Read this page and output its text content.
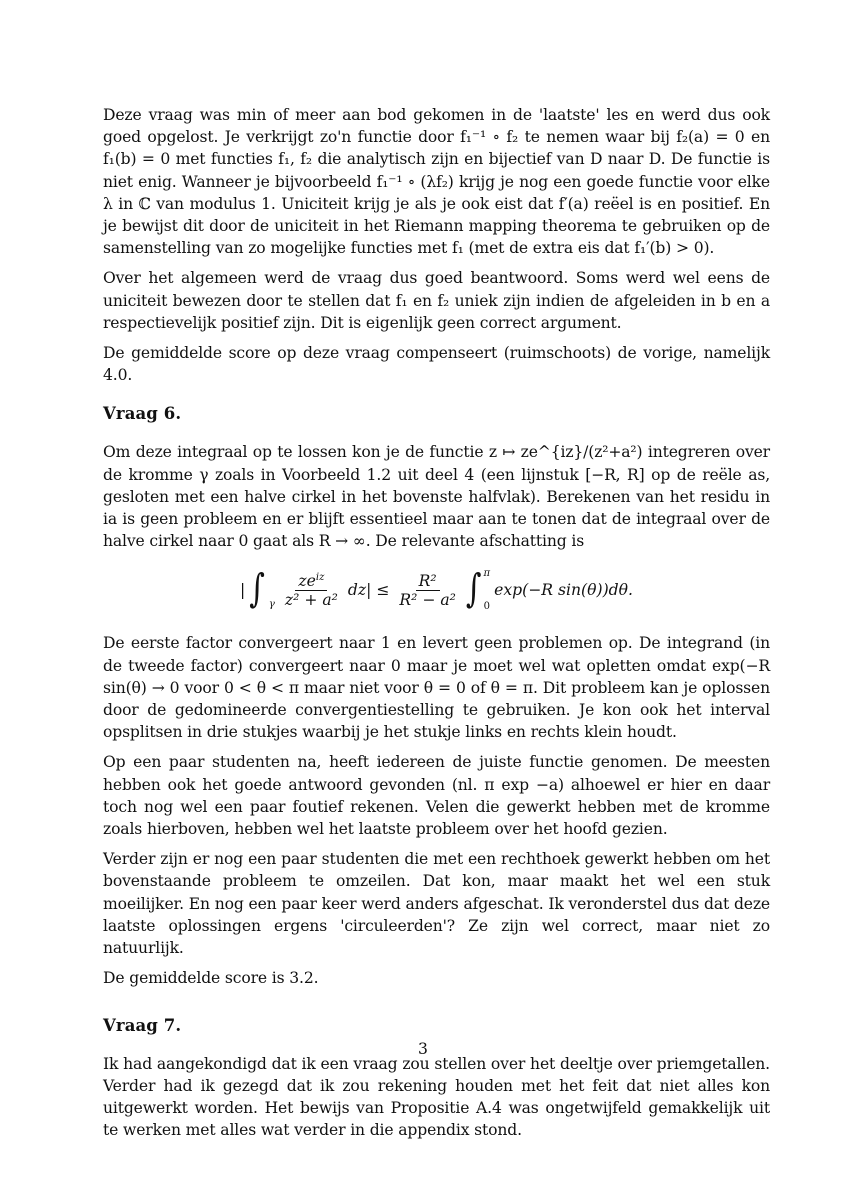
Deze vraag was min of meer aan bod gekomen in de 'laatste' les en werd dus ook goed opgelost. Je verkrijgt zo'n functie door f₁⁻¹ ∘ f₂ te nemen waar bij f₂(a) = 0 en f₁(b) = 0 met functies f₁, f₂ die analytisch zijn en bijectief van D naar D. De functie is niet enig. Wanneer je bijvoorbeeld f₁⁻¹ ∘ (λf₂) krijg je nog een goede functie voor elke λ in ℂ van modulus 1. Uniciteit krijg je als je ook eist dat f′(a) reëel is en positief. En je bewijst dit door de uniciteit in het Riemann mapping theorema te gebruiken op de samenstelling van zo mogelijke functies met f₁ (met de extra eis dat f₁′(b) > 0).

Over het algemeen werd de vraag dus goed beantwoord. Soms werd wel eens de uniciteit bewezen door te stellen dat f₁ en f₂ uniek zijn indien de afgeleiden in b en a respectievelijk positief zijn. Dit is eigenlijk geen correct argument.

De gemiddelde score op deze vraag compenseert (ruimschoots) de vorige, namelijk 4.0.

Vraag 6.

Om deze integraal op te lossen kon je de functie z ↦ ze^{iz}/(z²+a²) integreren over de kromme γ zoals in Voorbeeld 1.2 uit deel 4 (een lijnstuk [−R, R] op de reële as, gesloten met een halve cirkel in het bovenste halfvlak). Berekenen van het residu in ia is geen probleem en er blijft essentieel maar aan te tonen dat de integraal over de halve cirkel naar 0 gaat als R → ∞. De relevante afschatting is

| ∫ γ $\frac{ze^{iz}}{\text{z² + a²}} dz| \le \frac{\text{R²}}{\text{R² − a²}}$ ∫ π
0
exp(−R sin(θ))dθ.

De eerste factor convergeert naar 1 en levert geen problemen op. De integrand (in de tweede factor) convergeert naar 0 maar je moet wel wat opletten omdat exp(−R sin(θ) → 0 voor 0 < θ < π maar niet voor θ = 0 of θ = π. Dit probleem kan je oplossen door de gedomineerde convergentiestelling te gebruiken. Je kon ook het interval opsplitsen in drie stukjes waarbij je het stukje links en rechts klein houdt.

Op een paar studenten na, heeft iedereen de juiste functie genomen. De meesten hebben ook het goede antwoord gevonden (nl. π exp −a) alhoewel er hier en daar toch nog wel een paar foutief rekenen. Velen die gewerkt hebben met de kromme zoals hierboven, hebben wel het laatste probleem over het hoofd gezien.

Verder zijn er nog een paar studenten die met een rechthoek gewerkt hebben om het bovenstaande probleem te omzeilen. Dat kon, maar maakt het wel een stuk moeilijker. En nog een paar keer werd anders afgeschat. Ik veronderstel dus dat deze laatste oplossingen ergens 'circuleerden'? Ze zijn wel correct, maar niet zo natuurlijk.

De gemiddelde score is 3.2.

Vraag 7.

Ik had aangekondigd dat ik een vraag zou stellen over het deeltje over priemgetallen. Verder had ik gezegd dat ik zou rekening houden met het feit dat niet alles kon uitgewerkt worden. Het bewijs van Propositie A.4 was ongetwijfeld gemakkelijk uit te werken met alles wat verder in die appendix stond.

3
